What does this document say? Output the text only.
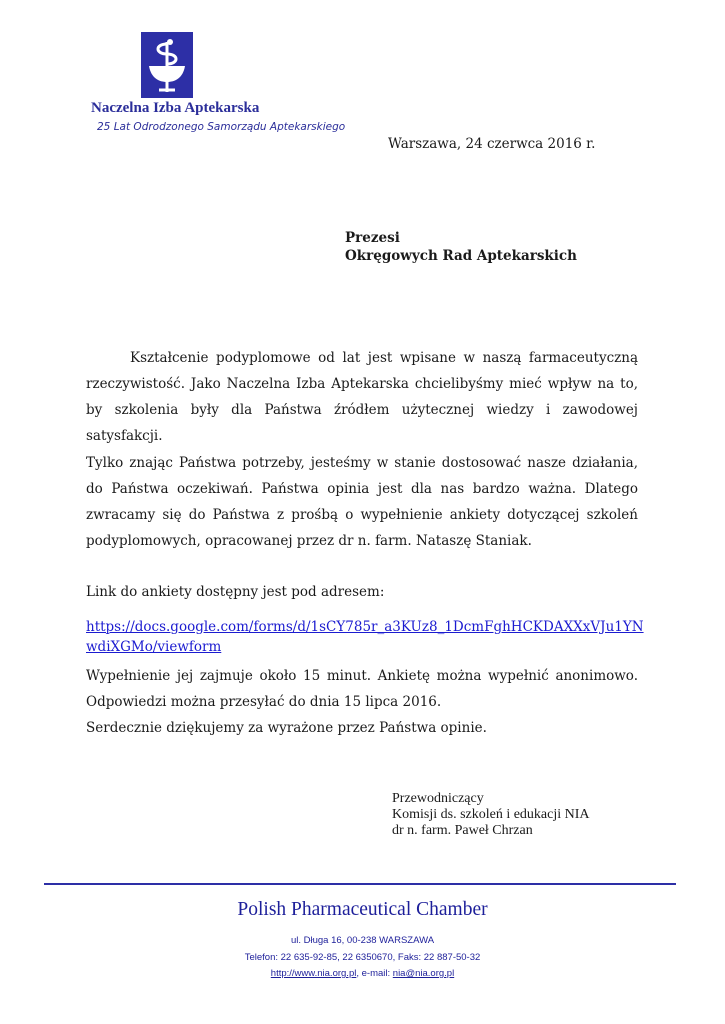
Naczelna Izba Aptekarska
25 Lat Odrodzonego Samorządu Aptekarskiego
Warszawa, 24 czerwca 2016 r.
Prezesi
Okręgowych Rad Aptekarskich

Kształcenie podyplomowe od lat jest wpisane w naszą farmaceutyczną rzeczywistość. Jako Naczelna Izba Aptekarska chcielibyśmy mieć wpływ na to, by szkolenia były dla Państwa źródłem użytecznej wiedzy i zawodowej satysfakcji.

Tylko znając Państwa potrzeby, jesteśmy w stanie dostosować nasze działania, do Państwa oczekiwań. Państwa opinia jest dla nas bardzo ważna. Dlatego zwracamy się do Państwa z prośbą o wypełnienie ankiety dotyczącej szkoleń podyplomowych, opracowanej przez dr n. farm. Nataszę Staniak.

Link do ankiety dostępny jest pod adresem:
https://docs.google.com/forms/d/1sCY785r_a3KUz8_1DcmFghHCKDAXXxVJu1YNwdiXGMo/viewform

Wypełnienie jej zajmuje około 15 minut. Ankietę można wypełnić anonimowo. Odpowiedzi można przesyłać do dnia 15 lipca 2016.

Serdecznie dziękujemy za wyrażone przez Państwa opinie.
Przewodniczący
Komisji ds. szkoleń i edukacji NIA
dr n. farm. Paweł Chrzan
Polish Pharmaceutical Chamber
ul. Długa 16, 00-238 WARSZAWA
Telefon: 22 635-92-85, 22 6350670, Faks: 22 887-50-32
http://www.nia.org.pl, e-mail: nia@nia.org.pl
